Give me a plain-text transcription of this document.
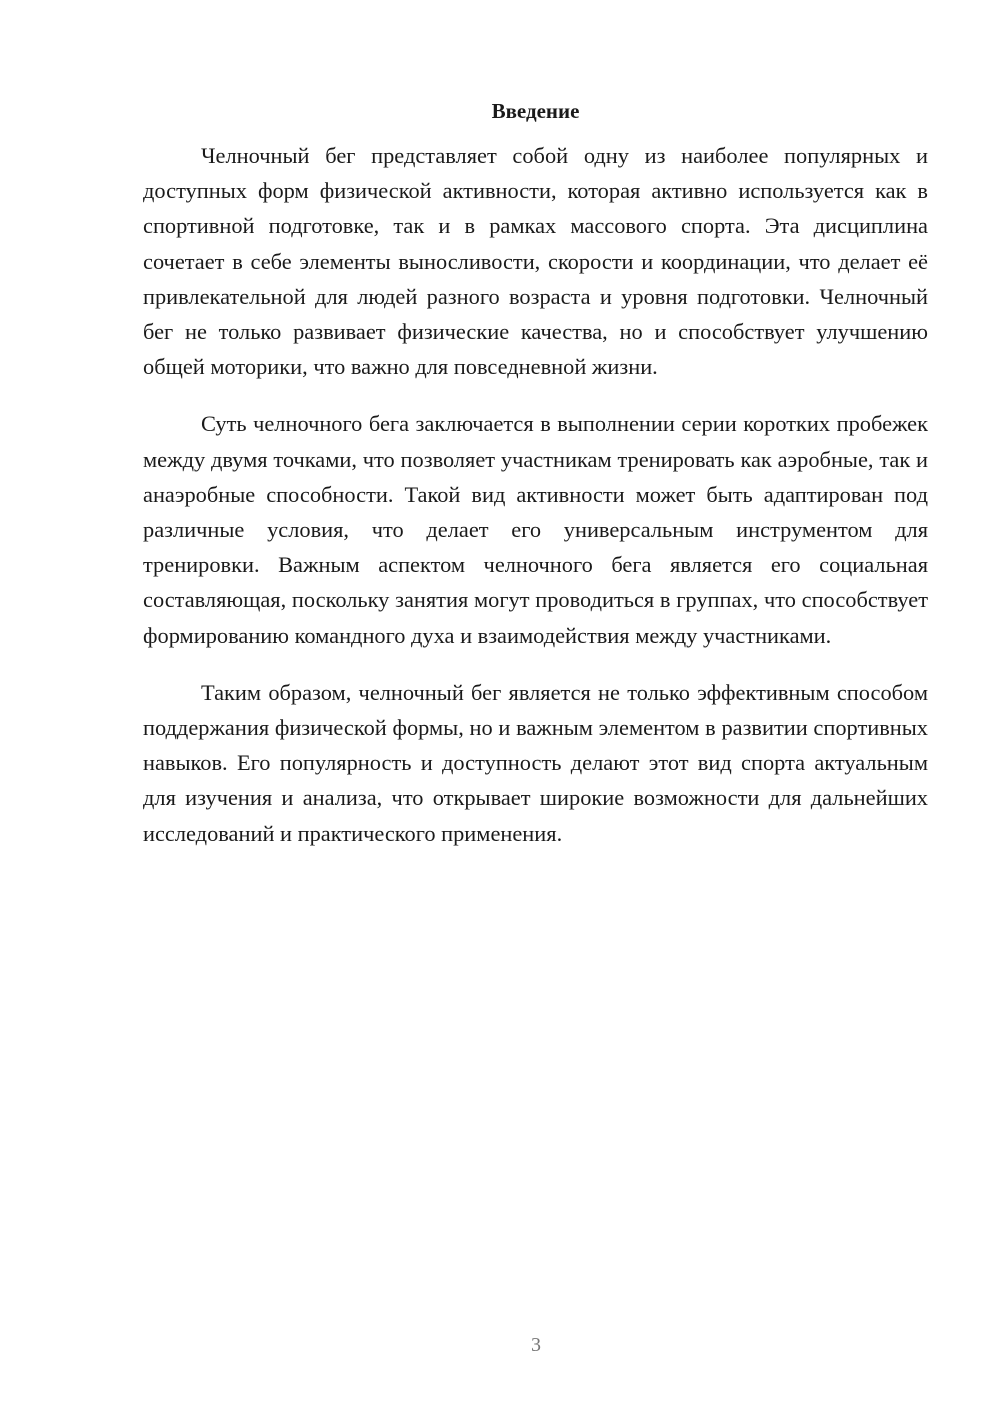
Введение

Челночный бег представляет собой одну из наиболее популярных и доступных форм физической активности, которая активно используется как в спортивной подготовке, так и в рамках массового спорта. Эта дисциплина сочетает в себе элементы выносливости, скорости и координации, что делает её привлекательной для людей разного возраста и уровня подготовки. Челночный бег не только развивает физические качества, но и способствует улучшению общей моторики, что важно для повседневной жизни.

Суть челночного бега заключается в выполнении серии коротких пробежек между двумя точками, что позволяет участникам тренировать как аэробные, так и анаэробные способности. Такой вид активности может быть адаптирован под различные условия, что делает его универсальным инструментом для тренировки. Важным аспектом челночного бега является его социальная составляющая, поскольку занятия могут проводиться в группах, что способствует формированию командного духа и взаимодействия между участниками.

Таким образом, челночный бег является не только эффективным способом поддержания физической формы, но и важным элементом в развитии спортивных навыков. Его популярность и доступность делают этот вид спорта актуальным для изучения и анализа, что открывает широкие возможности для дальнейших исследований и практического применения.

3
